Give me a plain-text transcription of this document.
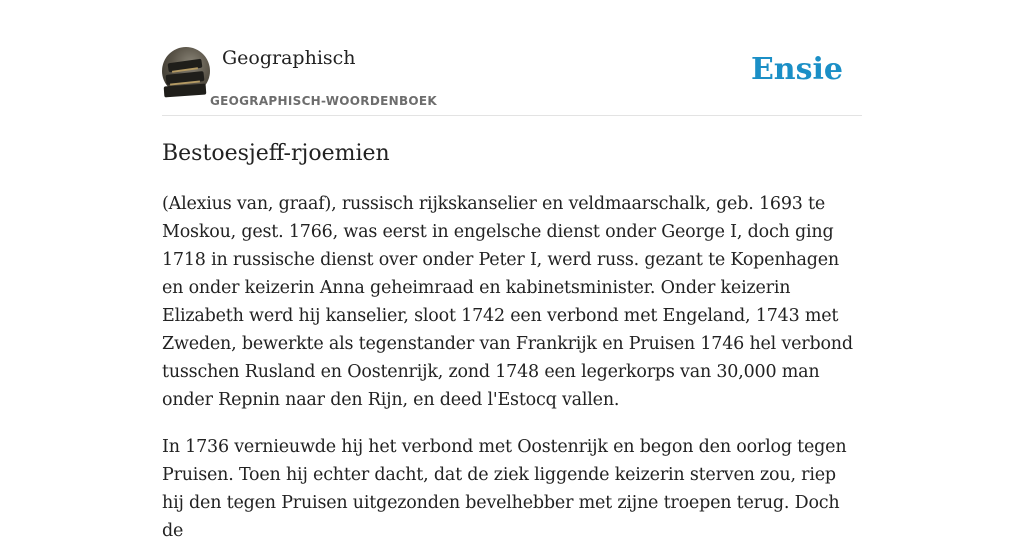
Geographisch
GEOGRAPHISCH-WOORDENBOEK
Ensie
Bestoesjeff-rjoemien

(Alexius van, graaf), russisch rijkskanselier en veldmaarschalk, geb. 1693 te Moskou, gest. 1766, was eerst in engelsche dienst onder George I, doch ging 1718 in russische dienst over onder Peter I, werd russ. gezant te Kopenhagen en onder keizerin Anna geheimraad en kabinetsminister. Onder keizerin Elizabeth werd hij kanselier, sloot 1742 een verbond met Engeland, 1743 met Zweden, bewerkte als tegenstander van Frankrijk en Pruisen 1746 hel verbond tusschen Rusland en Oostenrijk, zond 1748 een legerkorps van 30,000 man onder Repnin naar den Rijn, en deed l'Estocq vallen.

In 1736 vernieuwde hij het verbond met Oostenrijk en begon den oorlog tegen Pruisen. Toen hij echter dacht, dat de ziek liggende keizerin sterven zou, riep hij den tegen Pruisen uitgezonden bevelhebber met zijne troepen terug. Doch de
